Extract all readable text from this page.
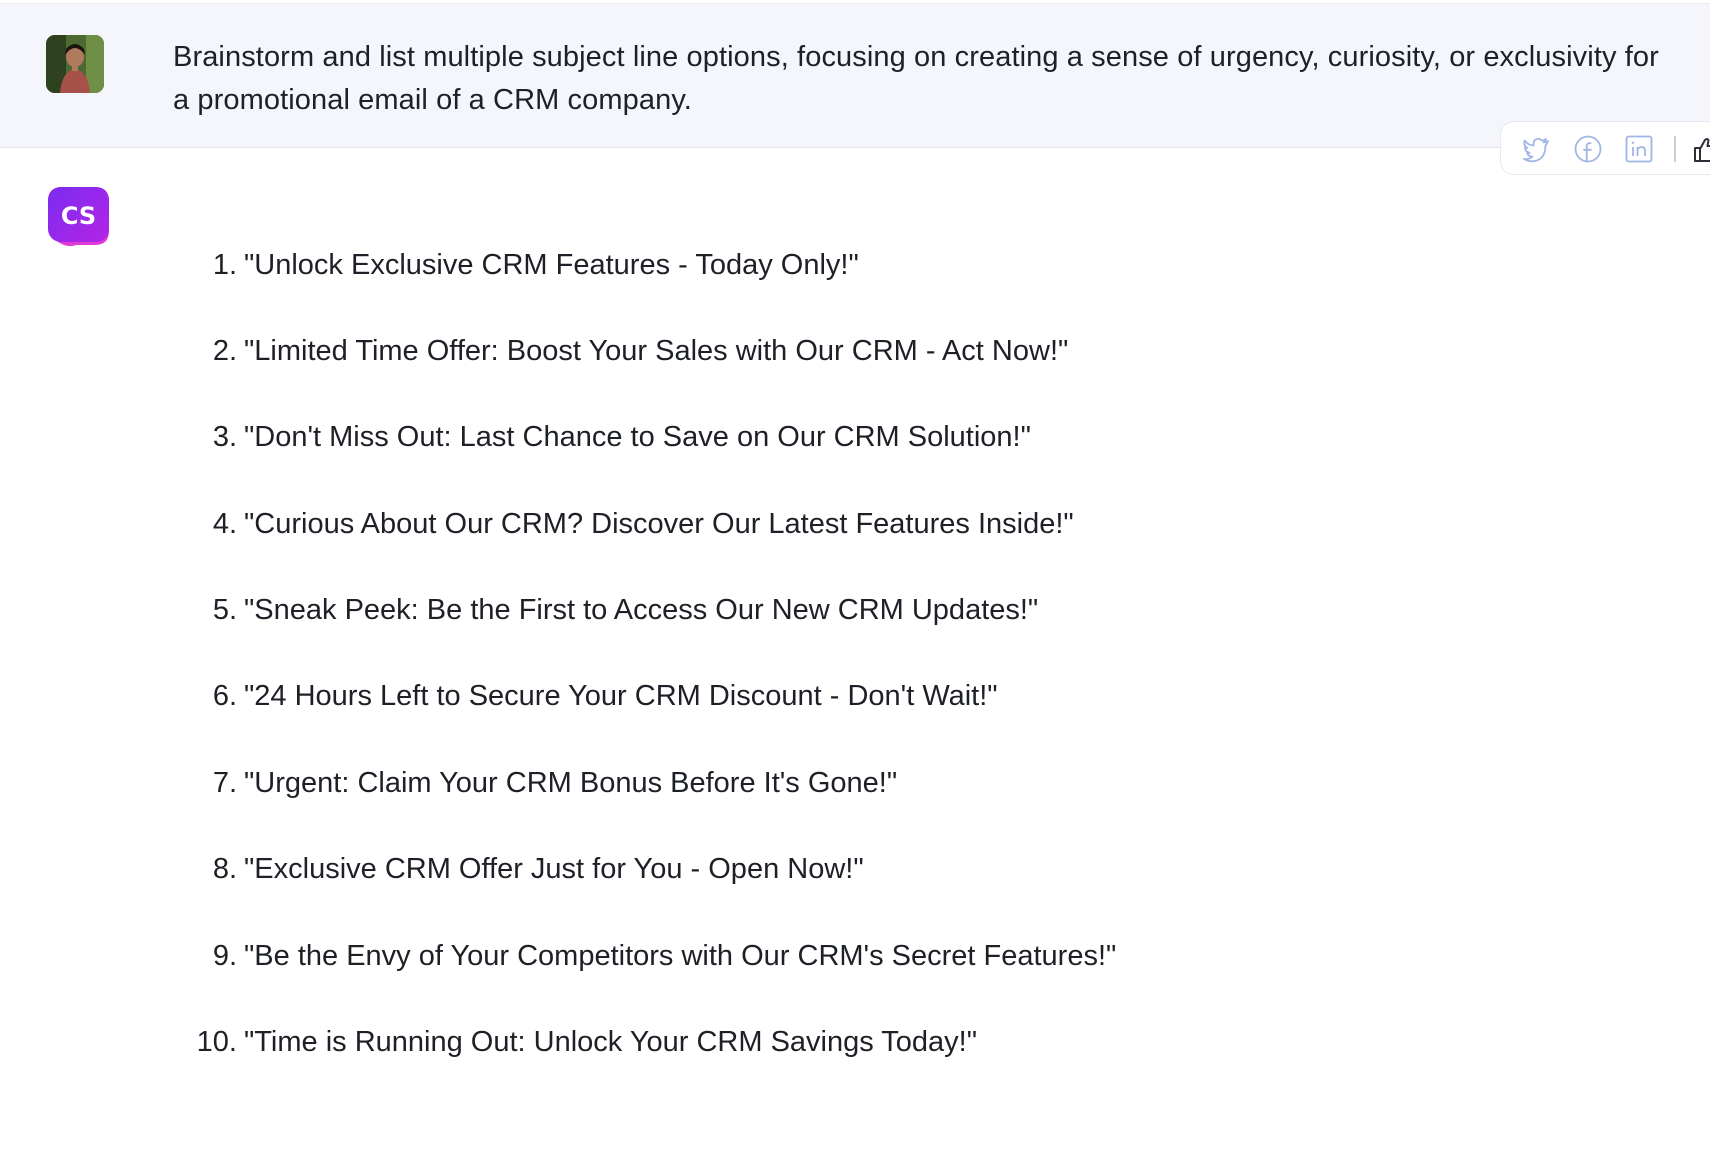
Brainstorm and list multiple subject line options, focusing on creating a sense of urgency, curiosity, or exclusivity for a promotional email of a CRM company.
CS
1. "Unlock Exclusive CRM Features - Today Only!"
2. "Limited Time Offer: Boost Your Sales with Our CRM - Act Now!"
3. "Don't Miss Out: Last Chance to Save on Our CRM Solution!"
4. "Curious About Our CRM? Discover Our Latest Features Inside!"
5. "Sneak Peek: Be the First to Access Our New CRM Updates!"
6. "24 Hours Left to Secure Your CRM Discount - Don't Wait!"
7. "Urgent: Claim Your CRM Bonus Before It's Gone!"
8. "Exclusive CRM Offer Just for You - Open Now!"
9. "Be the Envy of Your Competitors with Our CRM's Secret Features!"
10. "Time is Running Out: Unlock Your CRM Savings Today!"
